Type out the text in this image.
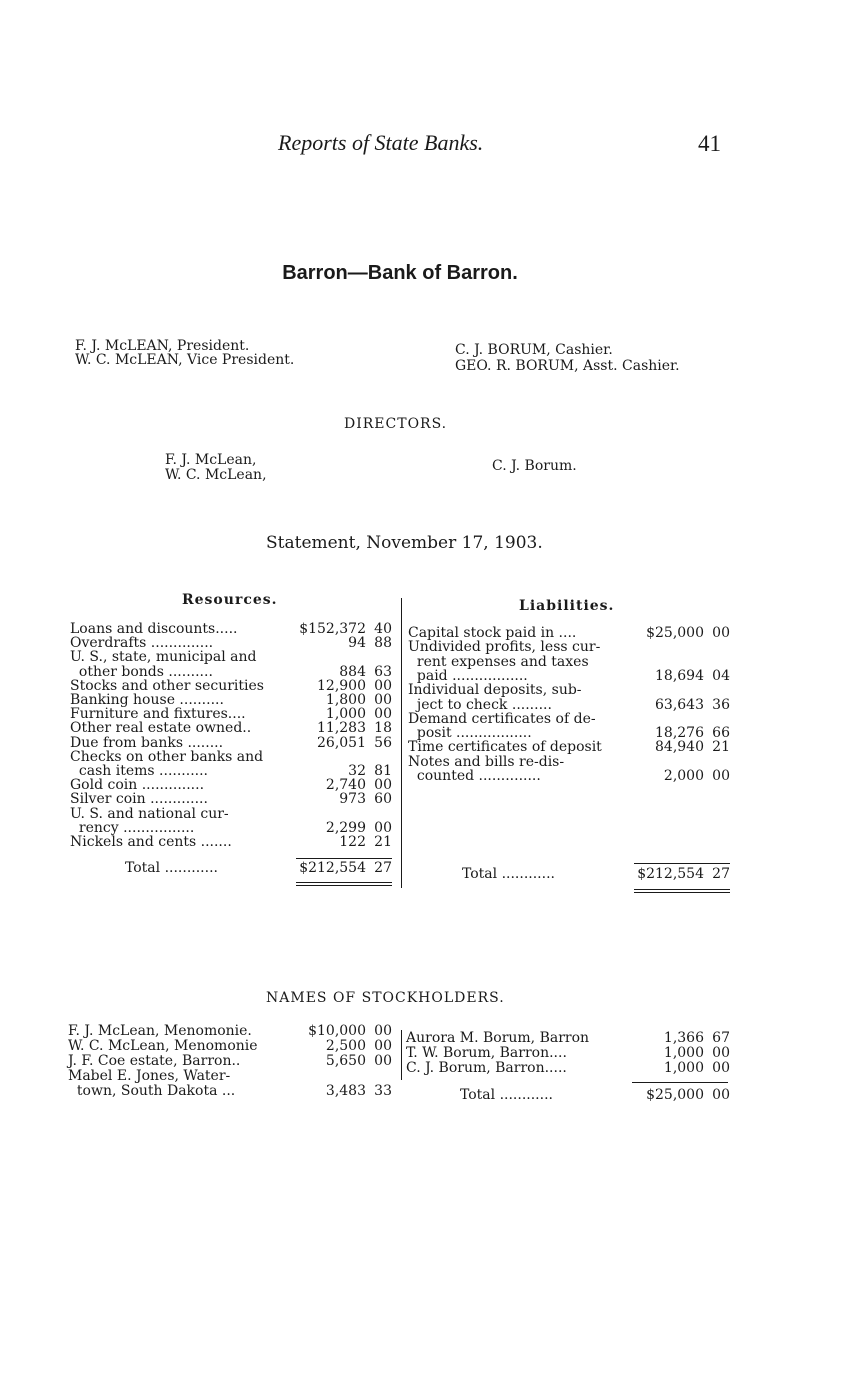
Reports of State Banks.	41
Barron—Bank of Barron.
F. J. McLEAN, President.
W. C. McLEAN, Vice President.
C. J. BORUM, Cashier.
GEO. R. BORUM, Asst. Cashier.
DIRECTORS.
F. J. McLean,
W. C. McLean,
C. J. Borum.
Statement, November 17, 1903.
Resources.	Liabilities.
Loans and discounts.....	$152,372 40
Overdrafts ..............	94 88
U. S., state, municipal and
other bonds ..........	884 63
Stocks and other securities	12,900 00
Banking house ..........	1,800 00
Furniture and fixtures....	1,000 00
Other real estate owned..	11,283 18
Due from banks ........	26,051 56
Checks on other banks and
cash items ...........	32 81
Gold coin ..............	2,740 00
Silver coin .............	973 60
U. S. and national cur-
rency ................	2,299 00
Nickels and cents .......	122 21
Capital stock paid in ....	$25,000 00
Undivided profits, less cur-
rent expenses and taxes
paid .................	18,694 04
Individual deposits, sub-
ject to check .........	63,643 36
Demand certificates of de-
posit .................	18,276 66
Time certificates of deposit	84,940 21
Notes and bills re-dis-
counted ..............	2,000 00
Total ............	$212,554 27	Total ............	$212,554 27
NAMES OF STOCKHOLDERS.
F. J. McLean, Menomonie.	$10,000 00
W. C. McLean, Menomonie	2,500 00
J. F. Coe estate, Barron..	5,650 00
Mabel E. Jones, Water-
town, South Dakota ...	3,483 33
Aurora M. Borum, Barron	1,366 67
T. W. Borum, Barron....	1,000 00
C. J. Borum, Barron.....	1,000 00
Total ............	$25,000 00
